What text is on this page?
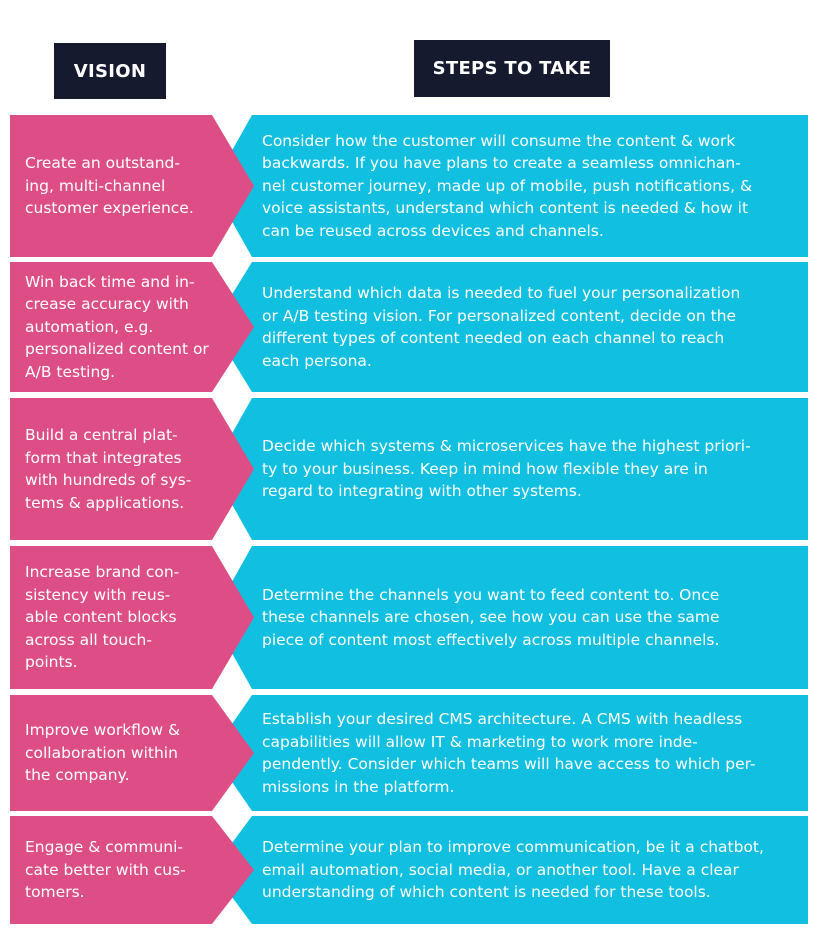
VISION	STEPS TO TAKE
Create an outstand-
ing, multi-channel
customer experience.
Consider how the customer will consume the content & work
backwards. If you have plans to create a seamless omnichan-
nel customer journey, made up of mobile, push notifications, &
voice assistants, understand which content is needed & how it
can be reused across devices and channels.
Win back time and in-
crease accuracy with
automation, e.g.
personalized content or
A/B testing.
Understand which data is needed to fuel your personalization
or A/B testing vision. For personalized content, decide on the
different types of content needed on each channel to reach
each persona.
Build a central plat-
form that integrates
with hundreds of sys-
tems & applications.
Decide which systems & microservices have the highest priori-
ty to your business. Keep in mind how flexible they are in
regard to integrating with other systems.
Increase brand con-
sistency with reus-
able content blocks
across all touch-
points.
Determine the channels you want to feed content to. Once
these channels are chosen, see how you can use the same
piece of content most effectively across multiple channels.
Improve workflow &
collaboration within
the company.
Establish your desired CMS architecture. A CMS with headless
capabilities will allow IT & marketing to work more inde-
pendently. Consider which teams will have access to which per-
missions in the platform.
Engage & communi-
cate better with cus-
tomers.
Determine your plan to improve communication, be it a chatbot,
email automation, social media, or another tool. Have a clear
understanding of which content is needed for these tools.
